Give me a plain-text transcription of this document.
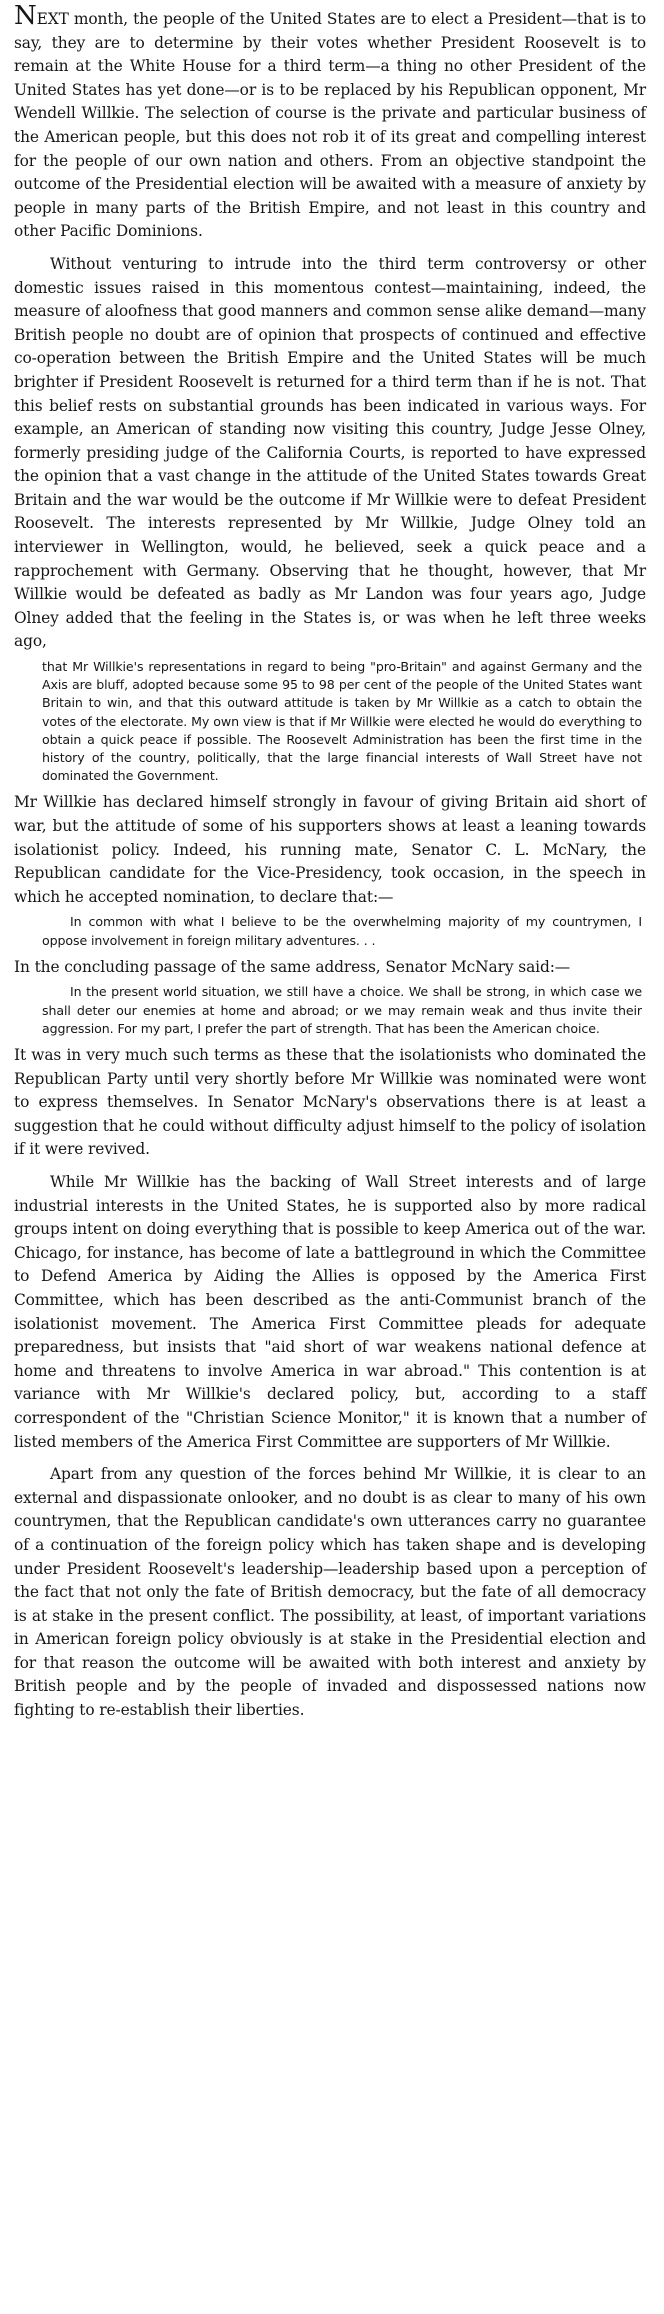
NEXT month, the people of the United States are to elect a President—that is to say, they are to determine by their votes whether President Roosevelt is to remain at the White House for a third term—a thing no other President of the United States has yet done—or is to be replaced by his Republican opponent, Mr Wendell Willkie. The selection of course is the private and particular business of the American people, but this does not rob it of its great and compelling interest for the people of our own nation and others. From an objective standpoint the outcome of the Presidential election will be awaited with a measure of anxiety by people in many parts of the British Empire, and not least in this country and other Pacific Dominions.

Without venturing to intrude into the third term controversy or other domestic issues raised in this momentous contest—maintaining, indeed, the measure of aloofness that good manners and common sense alike demand—many British people no doubt are of opinion that prospects of continued and effective co-operation between the British Empire and the United States will be much brighter if President Roosevelt is returned for a third term than if he is not. That this belief rests on substantial grounds has been indicated in various ways. For example, an American of standing now visiting this country, Judge Jesse Olney, formerly presiding judge of the California Courts, is reported to have expressed the opinion that a vast change in the attitude of the United States towards Great Britain and the war would be the outcome if Mr Willkie were to defeat President Roosevelt. The interests represented by Mr Willkie, Judge Olney told an interviewer in Wellington, would, he believed, seek a quick peace and a rapprochement with Germany. Observing that he thought, however, that Mr Willkie would be defeated as badly as Mr Landon was four years ago, Judge Olney added that the feeling in the States is, or was when he left three weeks ago,

that Mr Willkie's representations in regard to being "pro-Britain" and against Germany and the Axis are bluff, adopted because some 95 to 98 per cent of the people of the United States want Britain to win, and that this outward attitude is taken by Mr Willkie as a catch to obtain the votes of the electorate. My own view is that if Mr Willkie were elected he would do everything to obtain a quick peace if possible. The Roosevelt Administration has been the first time in the history of the country, politically, that the large financial interests of Wall Street have not dominated the Government.

Mr Willkie has declared himself strongly in favour of giving Britain aid short of war, but the attitude of some of his supporters shows at least a leaning towards isolationist policy. Indeed, his running mate, Senator C. L. McNary, the Republican candidate for the Vice-Presidency, took occasion, in the speech in which he accepted nomination, to declare that:—

In common with what I believe to be the overwhelming majority of my countrymen, I oppose involvement in foreign military adventures. . .

In the concluding passage of the same address, Senator McNary said:—

In the present world situation, we still have a choice. We shall be strong, in which case we shall deter our enemies at home and abroad; or we may remain weak and thus invite their aggression. For my part, I prefer the part of strength. That has been the American choice.

It was in very much such terms as these that the isolationists who dominated the Republican Party until very shortly before Mr Willkie was nominated were wont to express themselves. In Senator McNary's observations there is at least a suggestion that he could without difficulty adjust himself to the policy of isolation if it were revived.

While Mr Willkie has the backing of Wall Street interests and of large industrial interests in the United States, he is supported also by more radical groups intent on doing everything that is possible to keep America out of the war. Chicago, for instance, has become of late a battleground in which the Committee to Defend America by Aiding the Allies is opposed by the America First Committee, which has been described as the anti-Communist branch of the isolationist movement. The America First Committee pleads for adequate preparedness, but insists that "aid short of war weakens national defence at home and threatens to involve America in war abroad." This contention is at variance with Mr Willkie's declared policy, but, according to a staff correspondent of the "Christian Science Monitor," it is known that a number of listed members of the America First Committee are supporters of Mr Willkie.

Apart from any question of the forces behind Mr Willkie, it is clear to an external and dispassionate onlooker, and no doubt is as clear to many of his own countrymen, that the Republican candidate's own utterances carry no guarantee of a continuation of the foreign policy which has taken shape and is developing under President Roosevelt's leadership—leadership based upon a perception of the fact that not only the fate of British democracy, but the fate of all democracy is at stake in the present conflict. The possibility, at least, of important variations in American foreign policy obviously is at stake in the Presidential election and for that reason the outcome will be awaited with both interest and anxiety by British people and by the people of invaded and dispossessed nations now fighting to re-establish their liberties.
